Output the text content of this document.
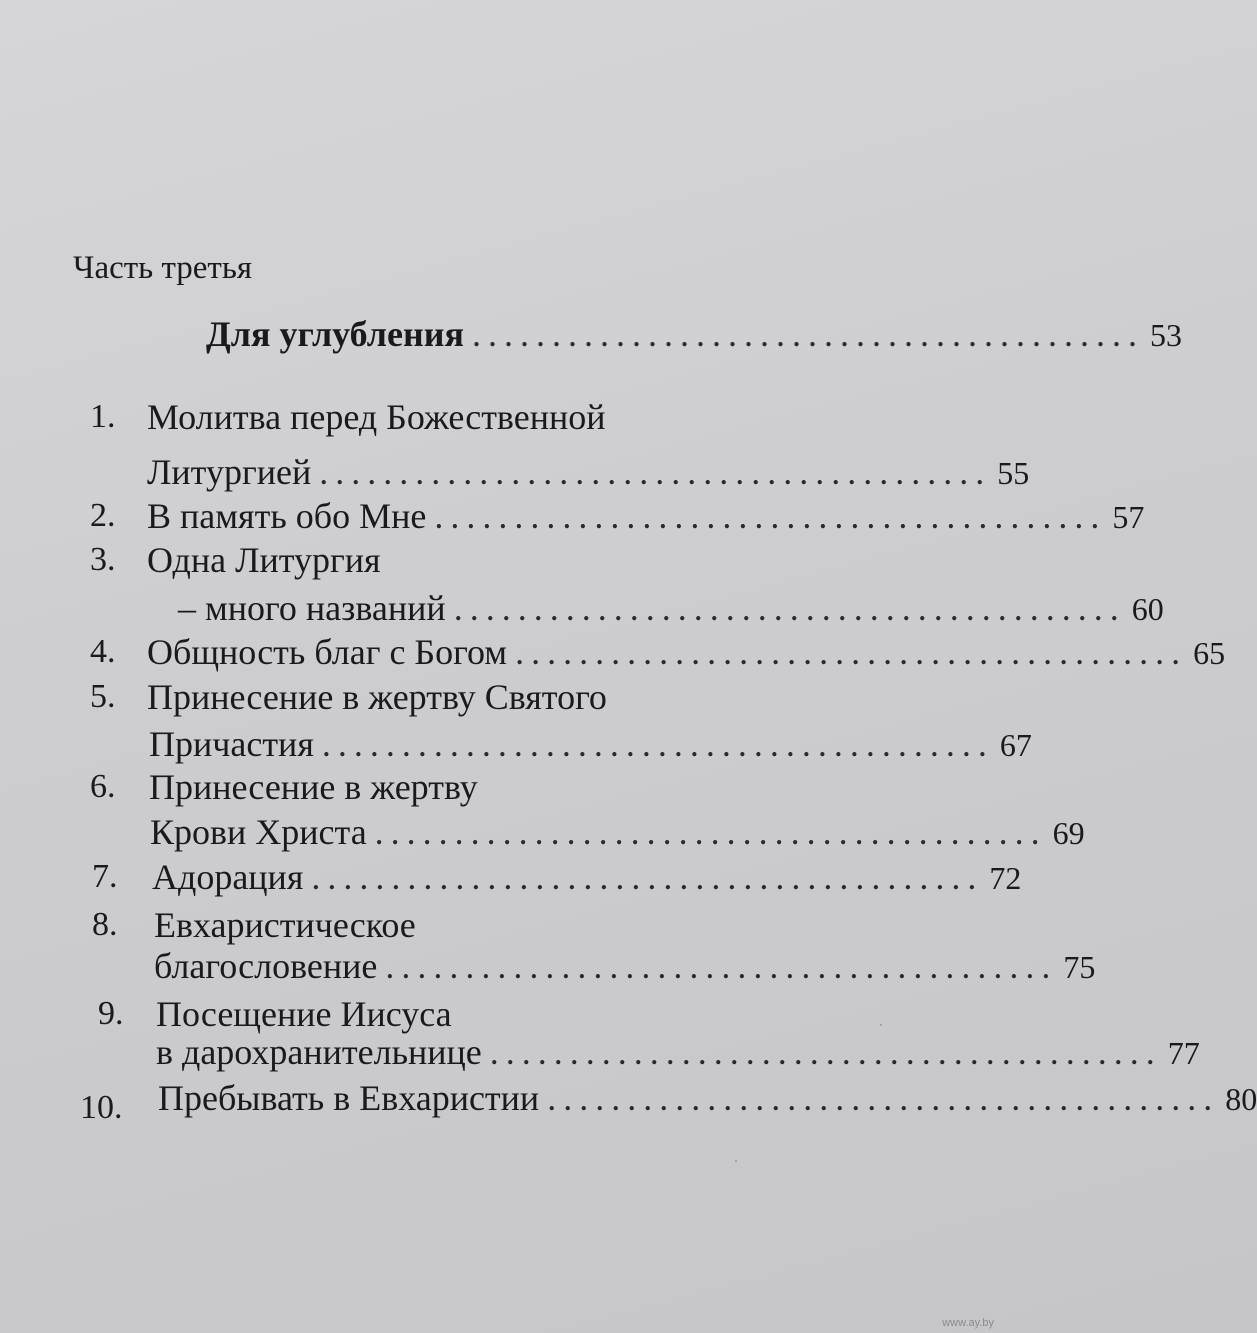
Часть третья
Для углубления .......................................... 53
1. Молитва перед Божественной
Литургией .......................................... 55
2. В память обо Мне .......................................... 57
3. Одна Литургия
– много названий .......................................... 60
4. Общность благ с Богом .......................................... 65
5. Принесение в жертву Святого
Причастия .......................................... 67
6. Принесение в жертву
Крови Христа .......................................... 69
7. Адорация .......................................... 72
8. Евхаристическое
благословение .......................................... 75
9. Посещение Иисуса
в дарохранительнице .......................................... 77
10. Пребывать в Евхаристии .......................................... 80
www.ay.by
